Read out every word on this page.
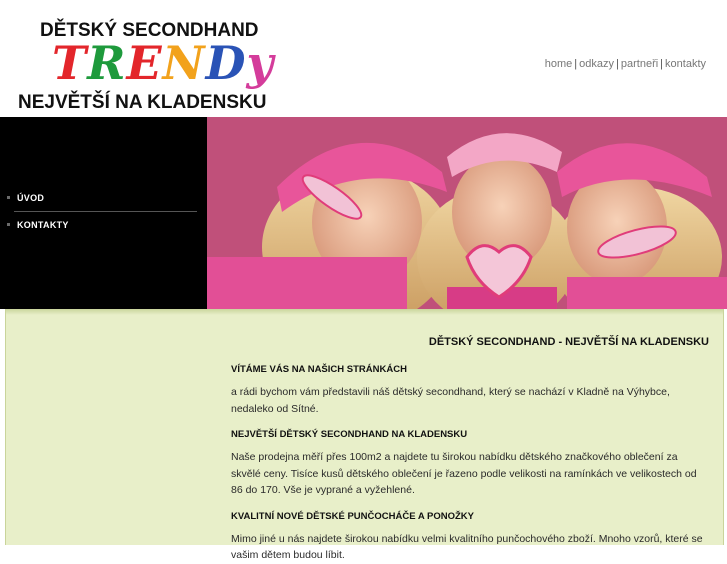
DĚTSKÝ SECONDHAND
TRENDy
NEJVĚTŠÍ NA KLADENSKU
home | odkazy | partneři | kontakty
ÚVOD
KONTAKTY
DĚTSKÝ SECONDHAND - NEJVĚTŠÍ NA KLADENSKU
VÍTÁME VÁS NA NAŠICH STRÁNKÁCH

a rádi bychom vám představili náš dětský secondhand, který se nachází v Kladně na Výhybce, nedaleko od Sítné.

NEJVĚTŠÍ DĚTSKÝ SECONDHAND NA KLADENSKU

Naše prodejna měří přes 100m2 a najdete tu širokou nabídku dětského značkového oblečení za skvělé ceny. Tisíce kusů dětského oblečení je řazeno podle velikosti na ramínkách ve velikostech od 86 do 170. Vše je vyprané a vyžehlené.

KVALITNÍ NOVÉ DĚTSKÉ PUNČOCHÁČE A PONOŽKY

Mimo jiné u nás najdete širokou nabídku velmi kvalitního punčochového zboží. Mnoho vzorů, které se vašim dětem budou líbit.
